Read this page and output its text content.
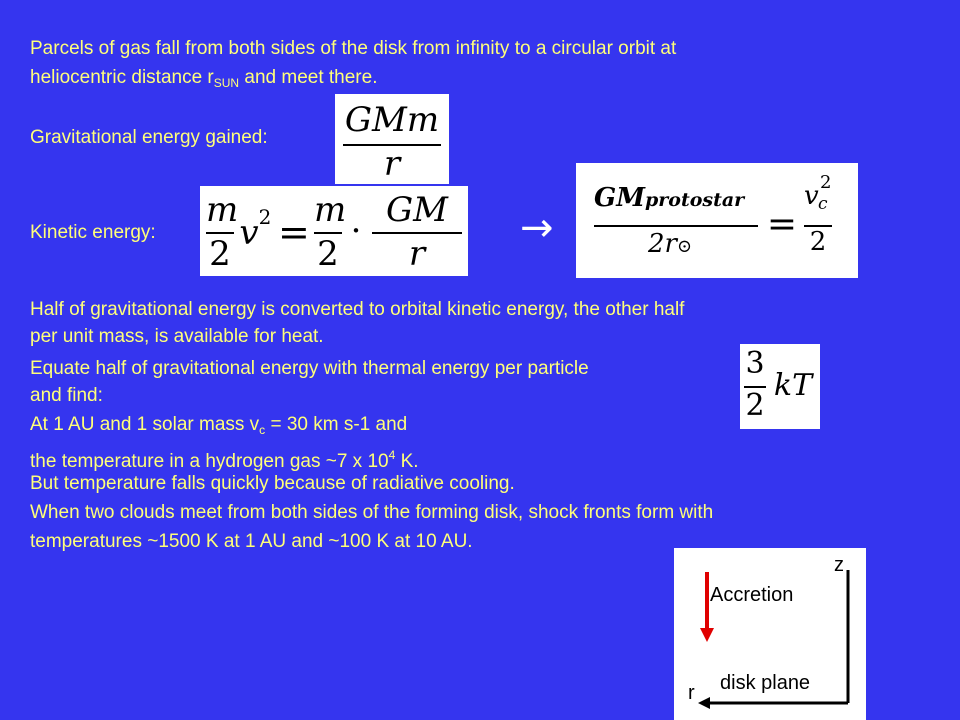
Parcels of gas fall from both sides of the disk from infinity to a circular orbit at
heliocentric distance $r_{SUN}$ and meet there.
Gravitational energy gained:
Kinetic energy:
Half of gravitational energy is converted to orbital kinetic energy, the other half
per unit mass, is available for heat.
Equate half of gravitational energy with thermal energy per particle
and find:
At 1 AU and 1 solar mass $v_c = 30$ km s-1 and
the temperature in a hydrogen gas ~7 x $10^4$ K.
But temperature falls quickly because of radiative cooling.
When two clouds meet from both sides of the forming disk, shock fronts form with
temperatures ~1500 K at 1 AU and ~100 K at 10 AU.
GMm
r
m
2
v 2 = m
2
·
GM
r
→
GMprotostar
2r⊙
=
v c
2
2
3
2
kT
z
r
Accretion
disk plane
